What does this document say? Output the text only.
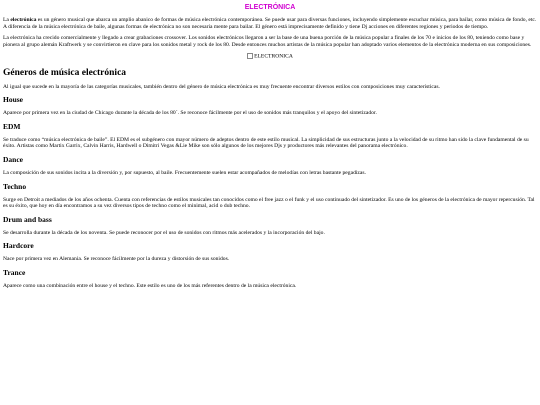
ELECTRÓNICA

La electrónica es un género musical que abarca un amplio abanico de formas de música electrónica contemporánea. Se puede usar para diversas funciones, incluyendo simplemente escuchar música, para bailar, como música de fondo, etc. A diferencia de la música electrónica de baile, algunas formas de electrónica no son necesaria mente para bailar. El género está imprecisamente definido y tiene Dj acciones en diferentes regiones y periodos de tiempo.

La electrónica ha crecido comercialmente y llegado a crear grabaciones crossover. Los sonidos electrónicos llegaron a ser la base de una buena porción de la música popular a finales de los 70 e inicios de los 80, teniendo como base y pionera al grupo alemán Kraftwerk y se convirtieron en clave para los sonidos metal y rock de los 80. Desde entonces muchos artistas de la música popular han adoptado varios elementos de la electrónica moderna en sus composiciones.

ELECTRONICA
Géneros de música electrónica

Al igual que sucede en la mayoría de las categorías musicales, también dentro del género de música electrónica es muy frecuente encontrar diversos estilos con composiciones muy características.

House

Aparece por primera vez en la ciudad de Chicago durante la década de los 80´. Se reconoce fácilmente por el uso de sonidos más tranquilos y el apoyo del sintetizador.

EDM

Se traduce como “música electrónica de baile”. El EDM es el subgénero con mayor número de adeptos dentro de este estilo musical. La simplicidad de sus estructuras junto a la velocidad de su ritmo han sido la clave fundamental de su éxito. Artistas como Martix Garrix, Calvin Harris, Hardwell o Dimitri Vegas &Lie Mike son sólo algunos de los mejores Djs y productores más relevantes del panorama electrónico.

Dance

La composición de sus sonidos incita a la diversión y, por supuesto, al baile. Frecuentemente suelen estar acompañados de melodías con letras bastante pegadizas.

Techno

Surge en Detroit a mediados de los años ochenta. Cuenta con referencias de estilos musicales tan conocidos como el free jazz o el funk y el uso continuado del sintetizador. Es uno de los géneros de la electrónica de mayor repercusión. Tal es su éxito, que hoy en día encontramos a su vez diversos tipos de techno como el minimal, acid o dub techno.

Drum and bass

Se desarrolla durante la década de los noventa. Se puede reconocer por el uso de sonidos con ritmos más acelerados y la incorporación del bajo.

Hardcore

Nace por primera vez en Alemania. Se reconoce fácilmente por la dureza y distorsión de sus sonidos.

Trance

Aparece como una combinación entre el house y el techno. Este estilo es uno de los más referentes dentro de la música electrónica.
